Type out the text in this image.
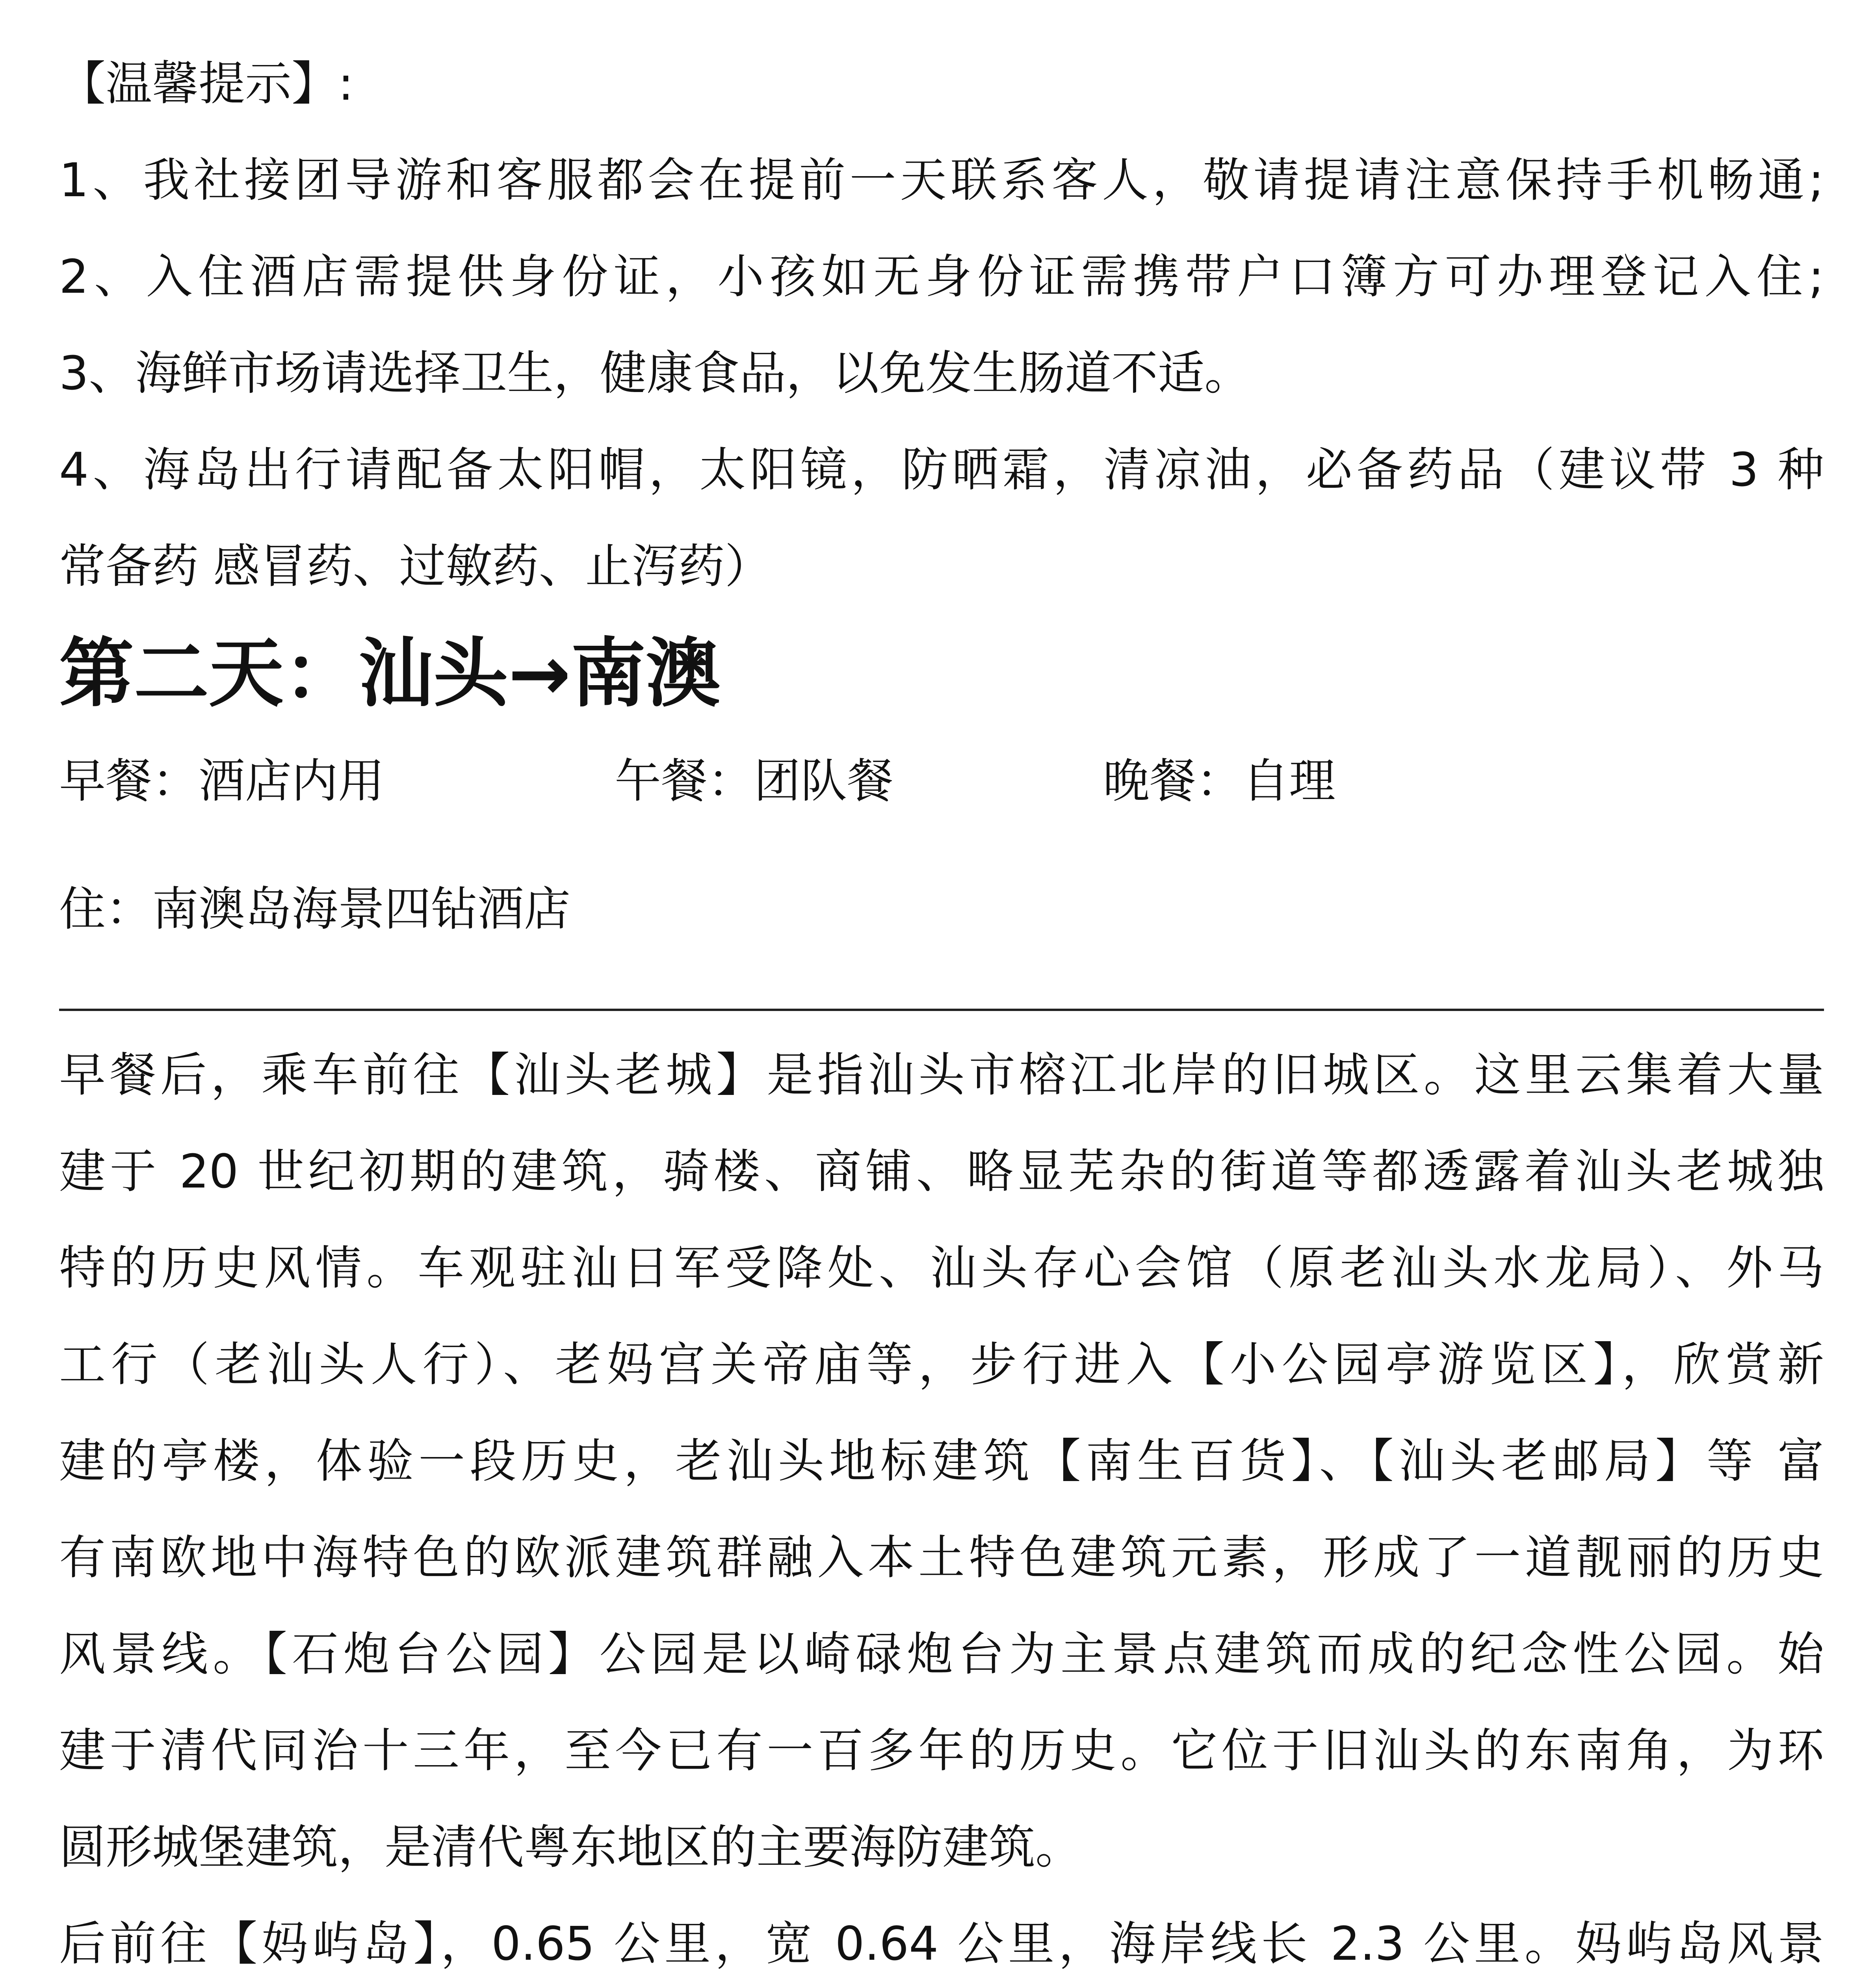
【温馨提示】:

1、我社接团导游和客服都会在提前一天联系客人，敬请提请注意保持手机畅通;

2、入住酒店需提供身份证，小孩如无身份证需携带户口簿方可办理登记入住;

3、海鲜市场请选择卫生，健康食品，以免发生肠道不适。

4、海岛出行请配备太阳帽，太阳镜，防晒霜，清凉油，必备药品（建议带 3 种

常备药 感冒药、过敏药、止泻药）

第二天：汕头→南澳
早餐：酒店内用	午餐：团队餐	晚餐：自理
住：南澳岛海景四钻酒店

早餐后，乘车前往【汕头老城】是指汕头市榕江北岸的旧城区。这里云集着大量

建于 20 世纪初期的建筑，骑楼、商铺、略显芜杂的街道等都透露着汕头老城独

特的历史风情。车观驻汕日军受降处、汕头存心会馆（原老汕头水龙局）、外马

工行（老汕头人行）、老妈宫关帝庙等，步行进入【小公园亭游览区】，欣赏新

建的亭楼，体验一段历史，老汕头地标建筑【南生百货】、【汕头老邮局】等 富

有南欧地中海特色的欧派建筑群融入本土特色建筑元素，形成了一道靓丽的历史

风景线。【石炮台公园】公园是以崎碌炮台为主景点建筑而成的纪念性公园。始

建于清代同治十三年，至今已有一百多年的历史。它位于旧汕头的东南角，为环

圆形城堡建筑，是清代粤东地区的主要海防建筑。

后前往【妈屿岛】，0.65 公里，宽 0.64 公里，海岸线长 2.3 公里。妈屿岛风景
